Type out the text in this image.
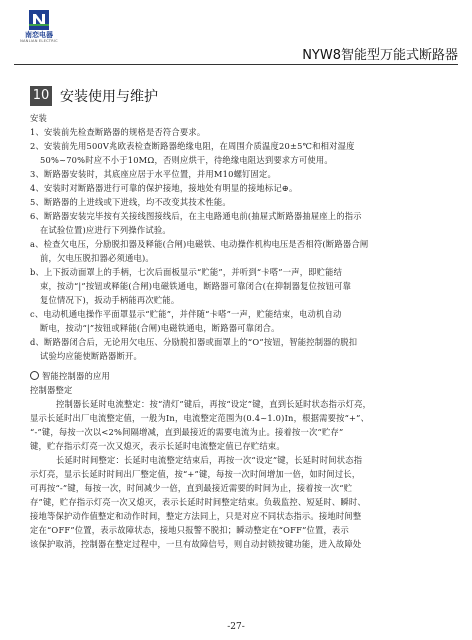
南恋电器
NANLIAN ELECTRIC
NYW8智能型万能式断路器
10 安装使用与维护

安装

1、安装前先检查断路器的规格是否符合要求。

2、安装前先用500V兆欧表检查断路器绝缘电阻，在周围介质温度20±5℃和相对湿度

50%~70%时应不小于10MΩ，否则应烘干，待绝缘电阻达到要求方可使用。

3、断路器安装时，其底座应居于水平位置，并用M10螺钉固定。

4、安装时对断路器进行可靠的保护接地，接地处有明显的接地标记⊕。

5、断路器的上进线或下进线，均不改变其技术性能。

6、断路器安装完毕按有关接线图接线后，在主电路通电前(抽屉式断路器抽屉座上的指示

在试验位置)应进行下列操作试验。

a、检查欠电压，分励脱扣器及释能(合闸)电磁铁、电动操作机构电压是否相符(断路器合闸

前，欠电压脱扣器必须通电)。

b、上下扳动面罩上的手柄，七次后面板显示“贮能”，并听到“卡嗒”一声，即贮能结

束，按动“|”按钮或释能(合闸)电磁铁通电，断路器可靠闭合(在抑制器复位按钮可靠

复位情况下)，扳动手柄能再次贮能。

c、电动机通电操作平面罩显示“贮能”，并伴随“卡嗒”一声，贮能结束，电动机自动

断电，按动“|”按钮或释能(合闸)电磁铁通电，断路器可靠闭合。

d、断路器闭合后，无论用欠电压、分励脱扣器或面罩上的“O”按钮，智能控制器的脱扣

试验均应能使断路器断开。

智能控制器的应用

控制器整定

控制器长延时电流整定：按“清灯”键后，再按“设定”键，直到长延时状态指示灯亮，

显示长延时出厂电流整定值，一般为In，电流整定范围为(0.4~1.0)In，根据需要按“+”、

“-”键，每按一次以<2%间隔增减，直到最接近的需要电流为止。接着按一次“贮存”

键，贮存指示灯亮一次又熄灭，表示长延时电流整定值已存贮结束。

长延时时间整定：长延时电流整定结束后，再按一次“设定”键，长延时时间状态指

示灯亮，显示长延时时间出厂整定值，按“+”键，每按一次时间增加一倍，如时间过长，

可再按“-”键，每按一次，时间减少一倍，直到最接近需要的时间为止，接着按一次“贮

存”键，贮存指示灯亮一次又熄灭，表示长延时时间整定结束。负载监控、短延时、瞬时、

接地等保护动作值整定和动作时间，整定方法同上，只是对应不同状态指示。接地时间整

定在“OFF”位置，表示故障状态，接地只报警不脱扣；瞬动整定在“OFF”位置，表示

该保护取消，控制器在整定过程中，一旦有故障信号，则自动封锁按键功能，进入故障处

-27-
